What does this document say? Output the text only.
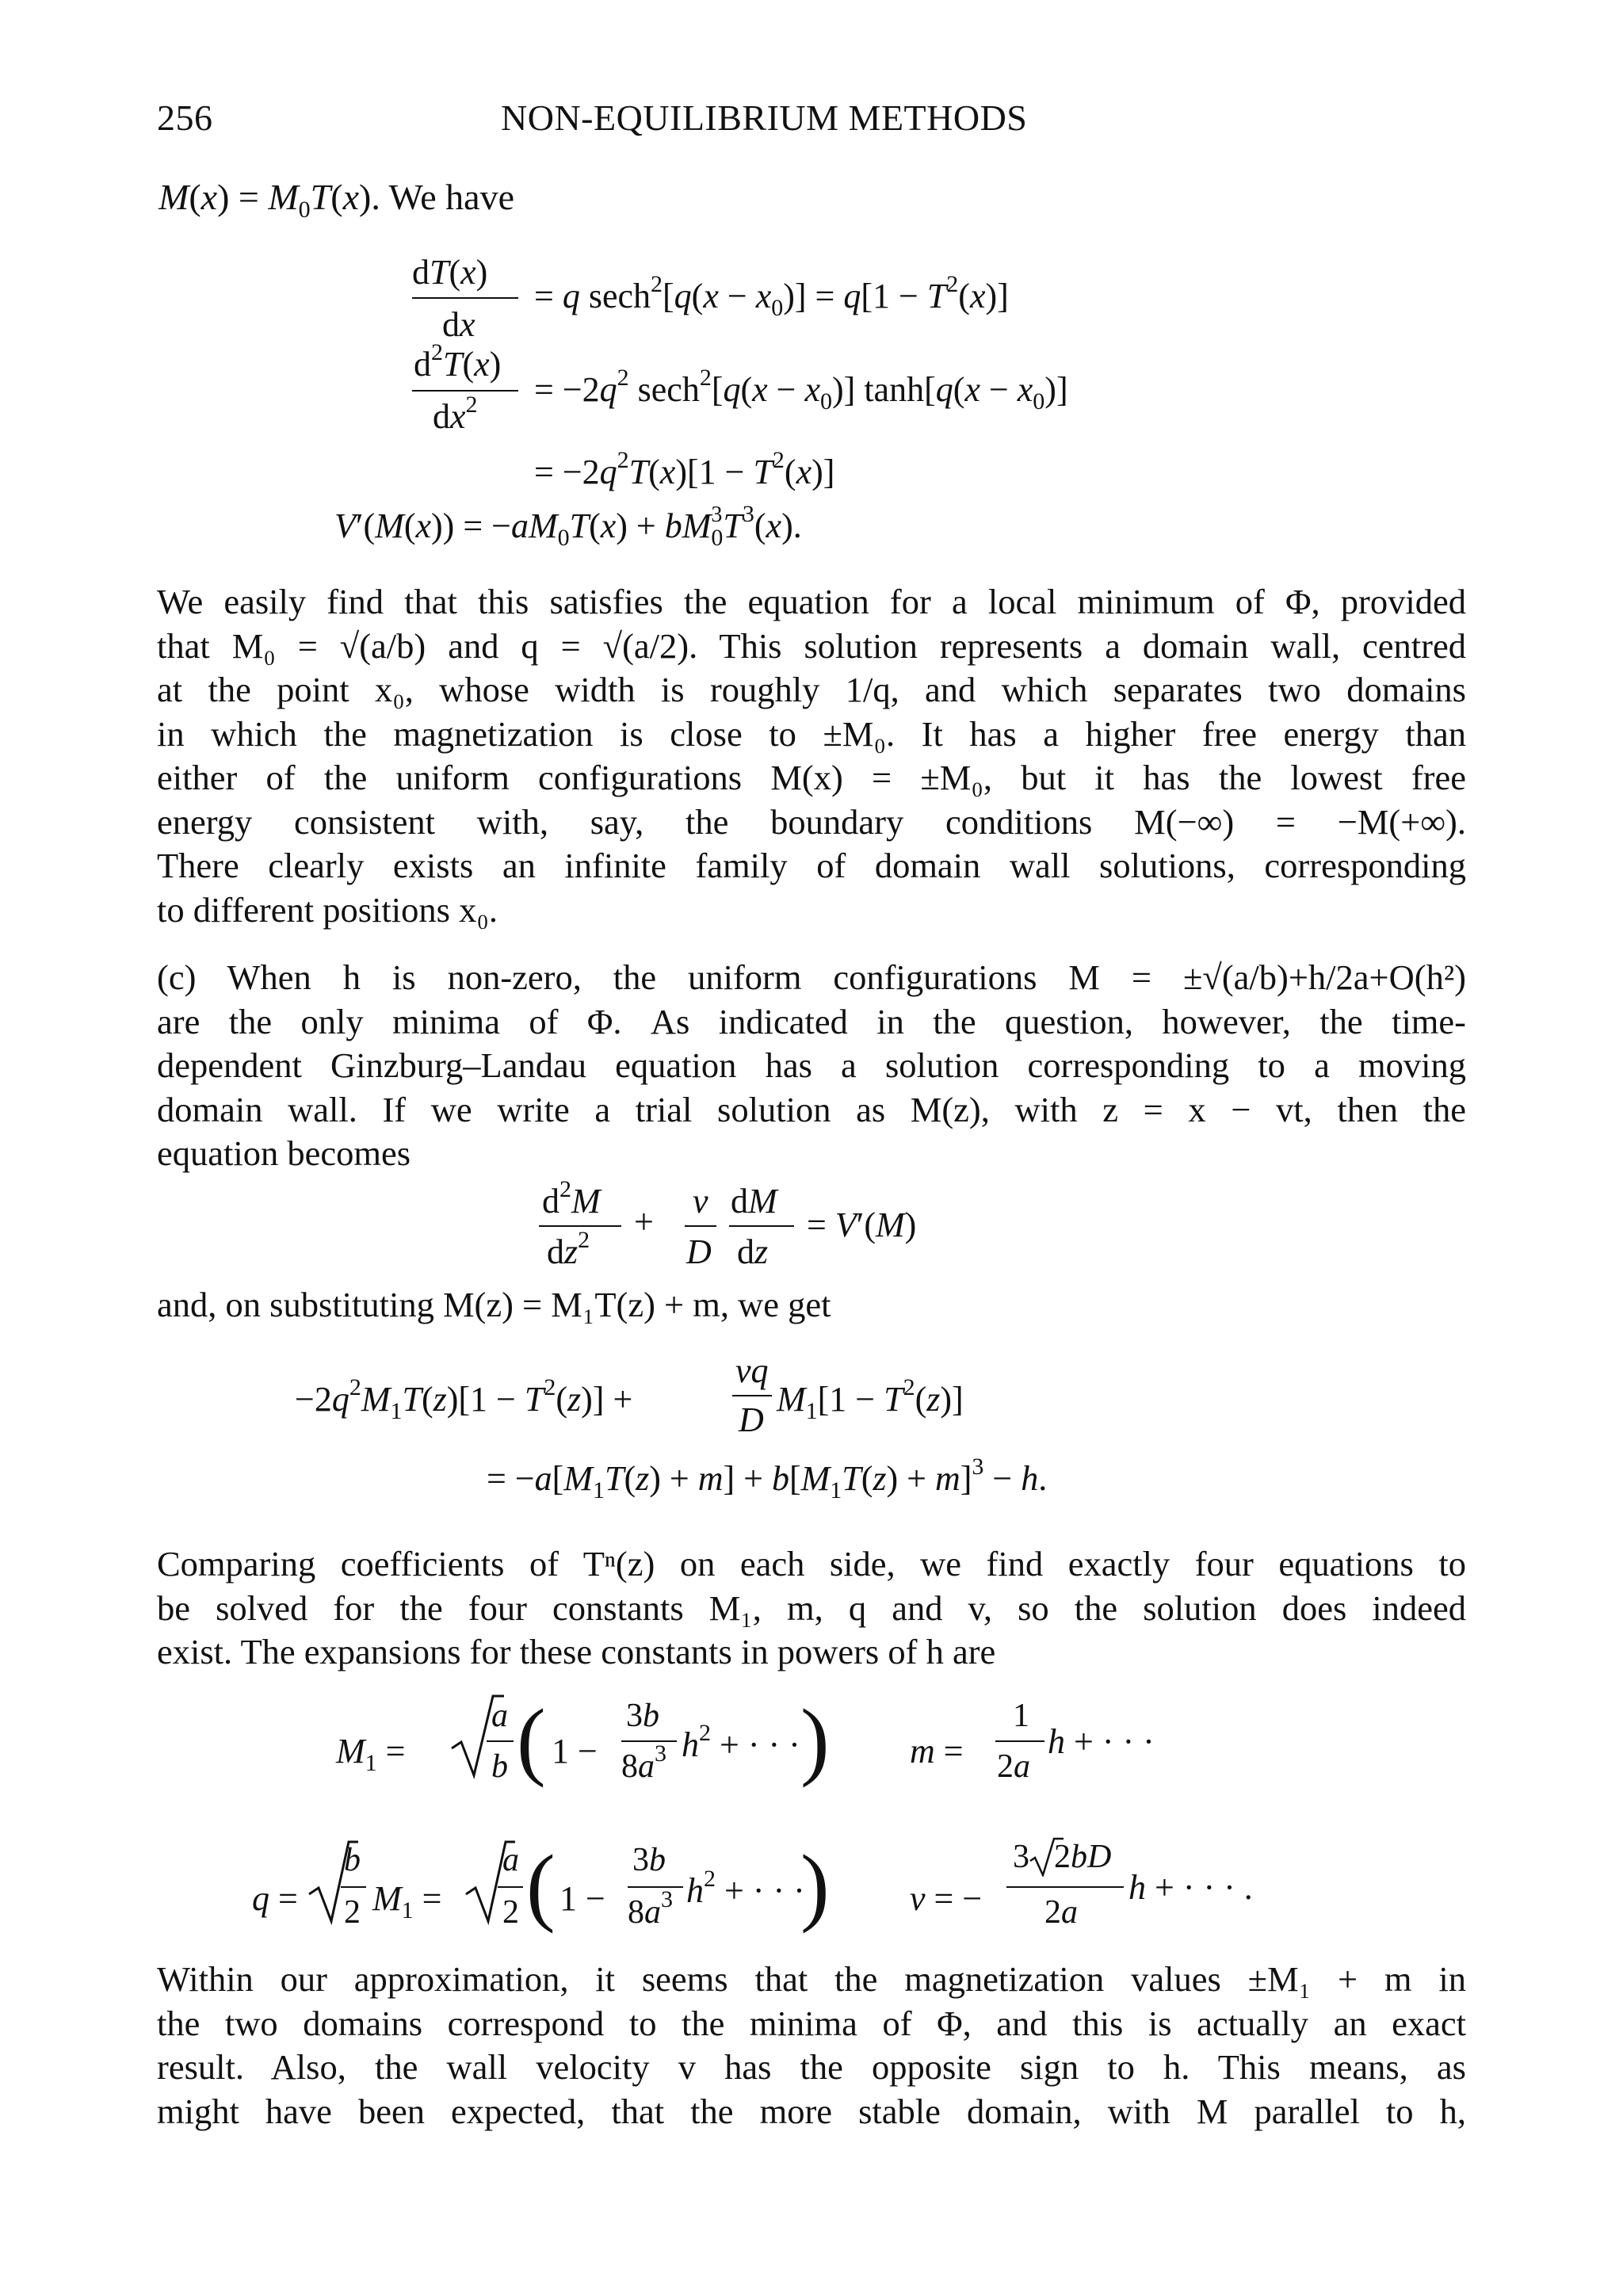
256	NON-EQUILIBRIUM METHODS
$M(x) = M_0T(x)$. We have
dT(x)
dx
= q $\sec h^2[q(x - x_0)] = q[1 - T^2(x)]$
$d^2T(x)$
$dx^2 = -2q^2$ $\sec h^2[q(x - x_0)]$ $\tanh[q(x - x_0)]$
= $-2q^2T(x)[1 - T^2(x)]$
$V'(M(x)) = -aM_0T(x) + bM^3_0T^3(x)$.
We easily find that this satisfies the equation for a local minimum of Φ, provided
that M₀ = √(a/b) and q = √(a/2). This solution represents a domain wall, centred
at the point x₀, whose width is roughly 1/q, and which separates two domains
in which the magnetization is close to ±M₀. It has a higher free energy than
either of the uniform configurations M(x) = ±M₀, but it has the lowest free
energy consistent with, say, the boundary conditions M(−∞) = −M(+∞).
There clearly exists an infinite family of domain wall solutions, corresponding
to different positions x₀.
(c) When h is non-zero, the uniform configurations M = ±√(a/b)+h/2a+O(h²)
are the only minima of Φ. As indicated in the question, however, the time-
dependent Ginzburg–Landau equation has a solution corresponding to a moving
domain wall. If we write a trial solution as M(z), with z = x − vt, then the
equation becomes
$d^2M$
$dz^2$ +
v
D
dM
dz
= V′(M)
and, on substituting M(z) = M₁T(z) + m, we get
$-2q^2M_1T(z)[1 - T^2(z)]$ +
vq
D
$M_1[1 - T^2(z)]$
= $-a[M_1T(z) + m] + b[M_1T(z) + m]^3 - h$.
Comparing coefficients of Tⁿ(z) on each side, we find exactly four equations to
be solved for the four constants M₁, m, q and v, so the solution does indeed
exist. The expansions for these constants in powers of h are
$M_1$ =
a
b ( 1 −
3b
$8a^3$ $h^2$ + · · · ) m =
1
2a
h + · · ·
q =
b
2 $M_1$ =
a
2 ( 1 −
3b
$8a^3$ $h^2$ + · · ·
) v = −
3 2bD
2a
h + · · · .
Within our approximation, it seems that the magnetization values ±M₁ + m in
the two domains correspond to the minima of Φ, and this is actually an exact
result. Also, the wall velocity v has the opposite sign to h. This means, as
might have been expected, that the more stable domain, with M parallel to h,
